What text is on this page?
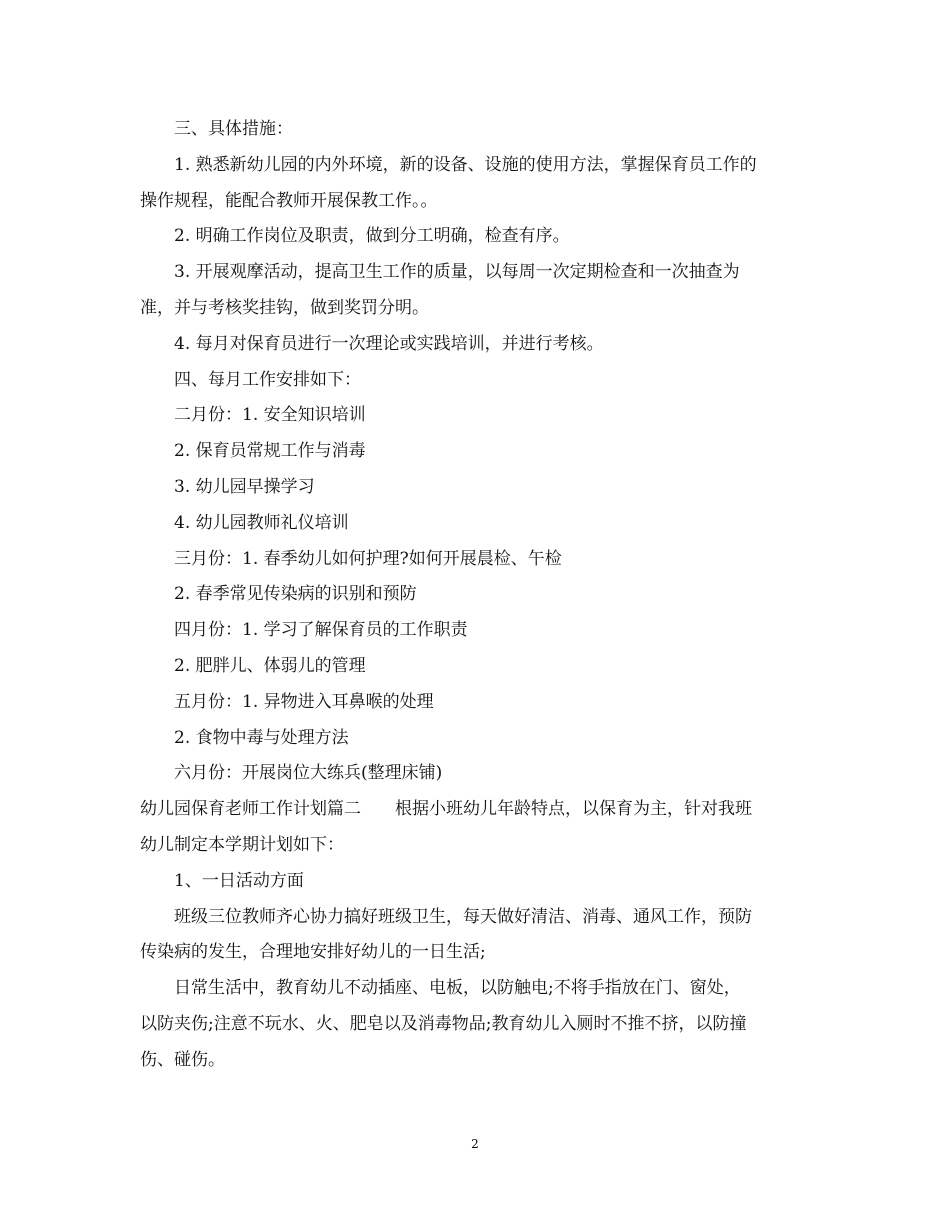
三、具体措施：
1. 熟悉新幼儿园的内外环境，新的设备、设施的使用方法，掌握保育员工作的
操作规程，能配合教师开展保教工作。。
2. 明确工作岗位及职责，做到分工明确，检查有序。
3. 开展观摩活动，提高卫生工作的质量，以每周一次定期检查和一次抽查为
准，并与考核奖挂钩，做到奖罚分明。
4. 每月对保育员进行一次理论或实践培训，并进行考核。
四、每月工作安排如下：
二月份：1. 安全知识培训
2. 保育员常规工作与消毒
3. 幼儿园早操学习
4. 幼儿园教师礼仪培训
三月份：1. 春季幼儿如何护理?如何开展晨检、午检
2. 春季常见传染病的识别和预防
四月份：1. 学习了解保育员的工作职责
2. 肥胖儿、体弱儿的管理
五月份：1. 异物进入耳鼻喉的处理
2. 食物中毒与处理方法
六月份：开展岗位大练兵(整理床铺)
幼儿园保育老师工作计划篇二　　根据小班幼儿年龄特点，以保育为主，针对我班
幼儿制定本学期计划如下：
1、一日活动方面
班级三位教师齐心协力搞好班级卫生，每天做好清洁、消毒、通风工作，预防
传染病的发生，合理地安排好幼儿的一日生活;
日常生活中，教育幼儿不动插座、电板，以防触电;不将手指放在门、窗处，
以防夹伤;注意不玩水、火、肥皂以及消毒物品;教育幼儿入厕时不推不挤，以防撞
伤、碰伤。
2
